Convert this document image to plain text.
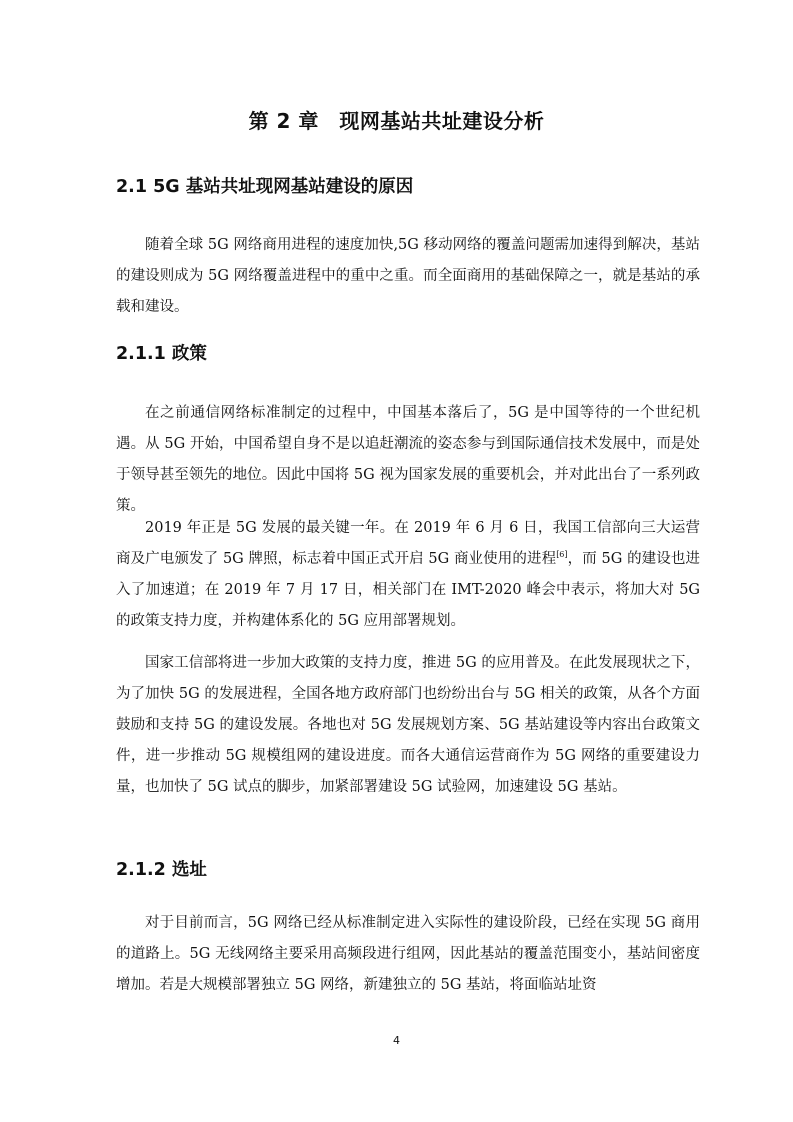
第 2 章　现网基站共址建设分析
2.1 5G 基站共址现网基站建设的原因

随着全球 5G 网络商用进程的速度加快,5G 移动网络的覆盖问题需加速得到解决，基站的建设则成为 5G 网络覆盖进程中的重中之重。而全面商用的基础保障之一，就是基站的承载和建设。

2.1.1 政策

在之前通信网络标准制定的过程中，中国基本落后了，5G 是中国等待的一个世纪机遇。从 5G 开始，中国希望自身不是以追赶潮流的姿态参与到国际通信技术发展中，而是处于领导甚至领先的地位。因此中国将 5G 视为国家发展的重要机会，并对此出台了一系列政策。

2019 年正是 5G 发展的最关键一年。在 2019 年 6 月 6 日，我国工信部向三大运营商及广电颁发了 5G 牌照，标志着中国正式开启 5G 商业使用的进程[6]，而 5G 的建设也进入了加速道；在 2019 年 7 月 17 日，相关部门在 IMT-2020 峰会中表示，将加大对 5G 的政策支持力度，并构建体系化的 5G 应用部署规划。

国家工信部将进一步加大政策的支持力度，推进 5G 的应用普及。在此发展现状之下，为了加快 5G 的发展进程，全国各地方政府部门也纷纷出台与 5G 相关的政策，从各个方面鼓励和支持 5G 的建设发展。各地也对 5G 发展规划方案、5G 基站建设等内容出台政策文件，进一步推动 5G 规模组网的建设进度。而各大通信运营商作为 5G 网络的重要建设力量，也加快了 5G 试点的脚步，加紧部署建设 5G 试验网，加速建设 5G 基站。

2.1.2 选址

对于目前而言，5G 网络已经从标准制定进入实际性的建设阶段，已经在实现 5G 商用的道路上。5G 无线网络主要采用高频段进行组网，因此基站的覆盖范围变小，基站间密度增加。若是大规模部署独立 5G 网络，新建独立的 5G 基站，将面临站址资

4
